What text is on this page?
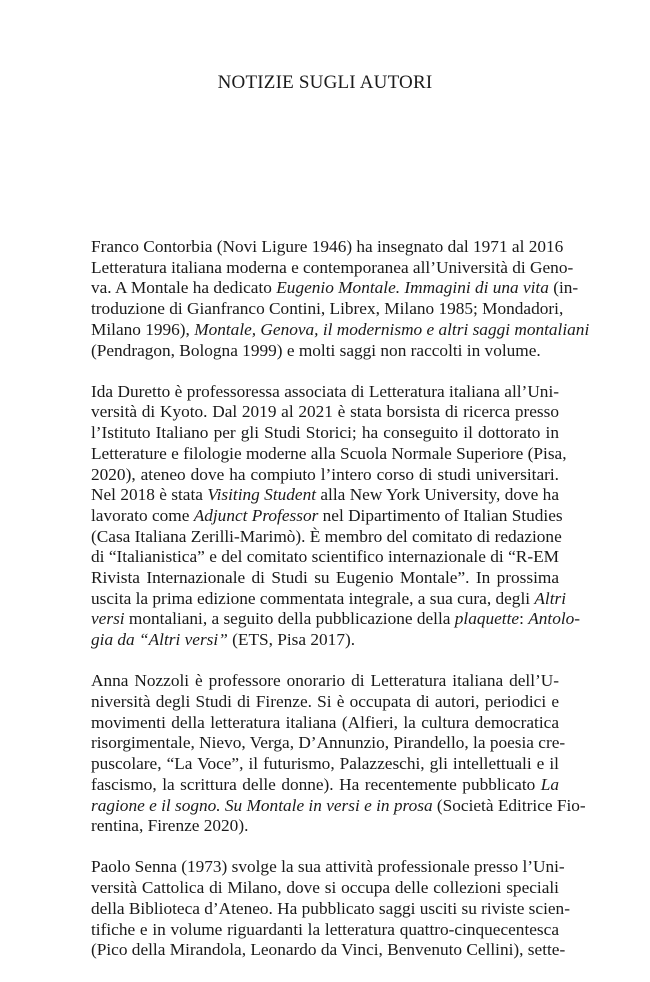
NOTIZIE SUGLI AUTORI

Franco Contorbia (Novi Ligure 1946) ha insegnato dal 1971 al 2016
Letteratura italiana moderna e contemporanea all’Università di Geno-
va. A Montale ha dedicato Eugenio Montale. Immagini di una vita (in-
troduzione di Gianfranco Contini, Librex, Milano 1985; Mondadori,
Milano 1996), Montale, Genova, il modernismo e altri saggi montaliani
(Pendragon, Bologna 1999) e molti saggi non raccolti in volume.

Ida Duretto è professoressa associata di Letteratura italiana all’Uni-
versità di Kyoto. Dal 2019 al 2021 è stata borsista di ricerca presso
l’Istituto Italiano per gli Studi Storici; ha conseguito il dottorato in
Letterature e filologie moderne alla Scuola Normale Superiore (Pisa,
2020), ateneo dove ha compiuto l’intero corso di studi universitari.
Nel 2018 è stata Visiting Student alla New York University, dove ha
lavorato come Adjunct Professor nel Dipartimento of Italian Studies
(Casa Italiana Zerilli-Marimò). È membro del comitato di redazione
di “Italianistica” e del comitato scientifico internazionale di “R-EM
Rivista Internazionale di Studi su Eugenio Montale”. In prossima
uscita la prima edizione commentata integrale, a sua cura, degli Altri
versi montaliani, a seguito della pubblicazione della plaquette: Antolo-
gia da “Altri versi” (ETS, Pisa 2017).

Anna Nozzoli è professore onorario di Letteratura italiana dell’U-
niversità degli Studi di Firenze. Si è occupata di autori, periodici e
movimenti della letteratura italiana (Alfieri, la cultura democratica
risorgimentale, Nievo, Verga, D’Annunzio, Pirandello, la poesia cre-
puscolare, “La Voce”, il futurismo, Palazzeschi, gli intellettuali e il
fascismo, la scrittura delle donne). Ha recentemente pubblicato La
ragione e il sogno. Su Montale in versi e in prosa (Società Editrice Fio-
rentina, Firenze 2020).

Paolo Senna (1973) svolge la sua attività professionale presso l’Uni-
versità Cattolica di Milano, dove si occupa delle collezioni speciali
della Biblioteca d’Ateneo. Ha pubblicato saggi usciti su riviste scien-
tifiche e in volume riguardanti la letteratura quattro-cinquecentesca
(Pico della Mirandola, Leonardo da Vinci, Benvenuto Cellini), sette-
